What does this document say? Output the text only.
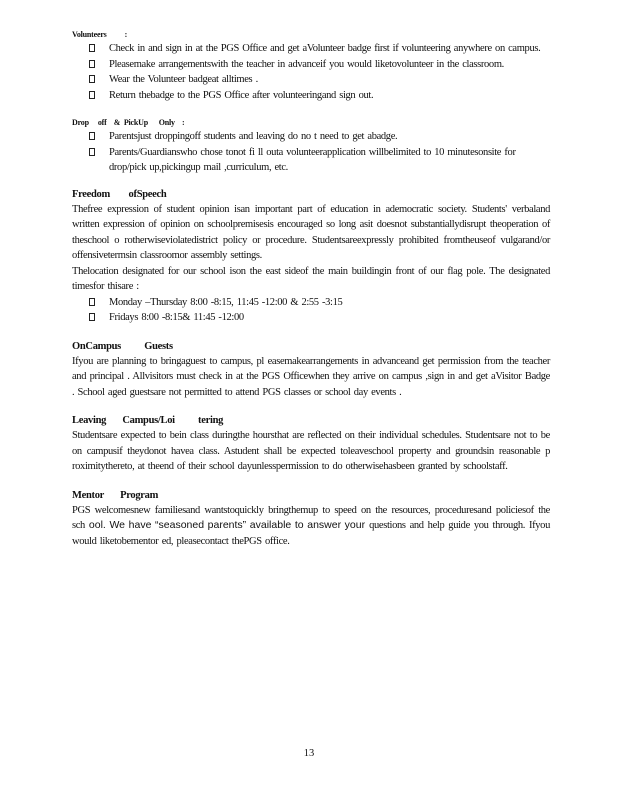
Volunteers          :

Check in and sign in at the PGS Office and get aVolunteer badge first if volunteering anywhere on campus.
Pleasemake arrangementswith the teacher in advanceif you would liketovolunteer in the classroom.
Wear the Volunteer badgeat alltimes .
Return thebadge to the PGS Office after volunteeringand sign out.

Drop     off    &  PickUp      Only    :

Parentsjust droppingoff students and leaving do no t need to get abadge.
Parents/Guardianswho chose tonot fi ll outa volunteerapplication willbelimited to 10 minutesonsite for drop/pick up,pickingup mail ,curriculum, etc.

Freedom        ofSpeech

Thefree expression of student opinion isan important part of education in ademocratic society. Students' verbaland written expression of opinion on schoolpremisesis encouraged so long asit doesnot substantiallydisrupt theoperation of theschool o rotherwiseviolatedistrict policy or procedure. Studentsareexpressly prohibited fromtheuseof vulgarand/or offensivetermsin classroomor assembly settings.

Thelocation designated for our school ison the east sideof the main buildingin front of our flag pole. The designated timesfor thisare :

Monday –Thursday 8:00 -8:15, 11:45 -12:00 & 2:55 -3:15
Fridays 8:00 -8:15& 11:45 -12:00

OnCampus          Guests

Ifyou are planning to bringaguest to campus, pl easemakearrangements in advanceand get permission from the teacher and principal . Allvisitors must check in at the PGS Officewhen they arrive on campus ,sign in and get aVisitor Badge . School aged guestsare not permitted to attend PGS classes or school day events .

Leaving       Campus/Loi          tering

Studentsare expected to bein class duringthe hoursthat are reflected on their individual schedules. Studentsare not to be on campusif theydonot havea class. Astudent shall be expected toleaveschool property and groundsin reasonable p roximitythereto, at theend of their school dayunlesspermission to do otherwisehasbeen granted by schoolstaff.

Mentor       Program

PGS welcomesnew familiesand wantstoquickly bringthemup to speed on the resources, proceduresand policiesof the sch ool. We have “seasoned parents” available to answer your questions and help guide you through. Ifyou would liketobementor ed, pleasecontact thePGS office.

13
